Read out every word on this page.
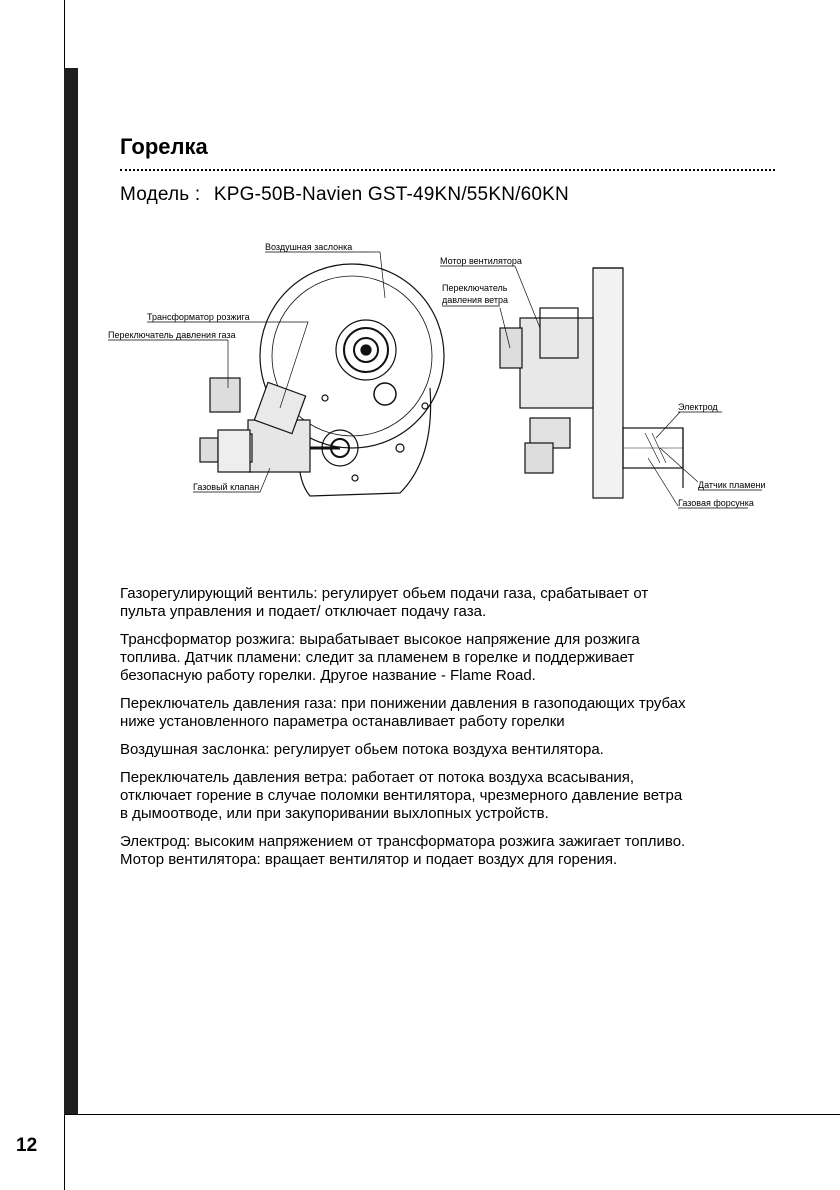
12
Горелка
Модель : KPG-50B-Navien GST-49KN/55KN/60KN
Воздушная заслонка
Трансформатор розжига
Переключатель давления газа
Газовый клапан
Мотор вентилятора
Переключатель
давления ветра
Электрод
Датчик пламени
Газовая форсунка

Газорегулирующий вентиль: регулирует обьем подачи газа, срабатывает от
пульта управления и подает/ отключает подачу газа.

Трансформатор розжига: вырабатывает высокое напряжение для розжига
топлива. Датчик пламени: следит за пламенем в горелке и поддерживает
безопасную работу горелки. Другое название - Flame Road.

Переключатель давления газа: при понижении давления в газоподающих трубах
ниже установленного параметра останавливает работу горелки

Воздушная заслонка: регулирует обьем потока воздуха вентилятора.

Переключатель давления ветра: работает от потока воздуха всасывания,
отключает горение в случае поломки вентилятора, чрезмерного давление ветра
в дымоотводе, или при закупоривании выхлопных устройств.

Электрод: высоким напряжением от трансформатора розжига зажигает топливо.
Мотор вентилятора: вращает вентилятор и подает воздух для горения.
